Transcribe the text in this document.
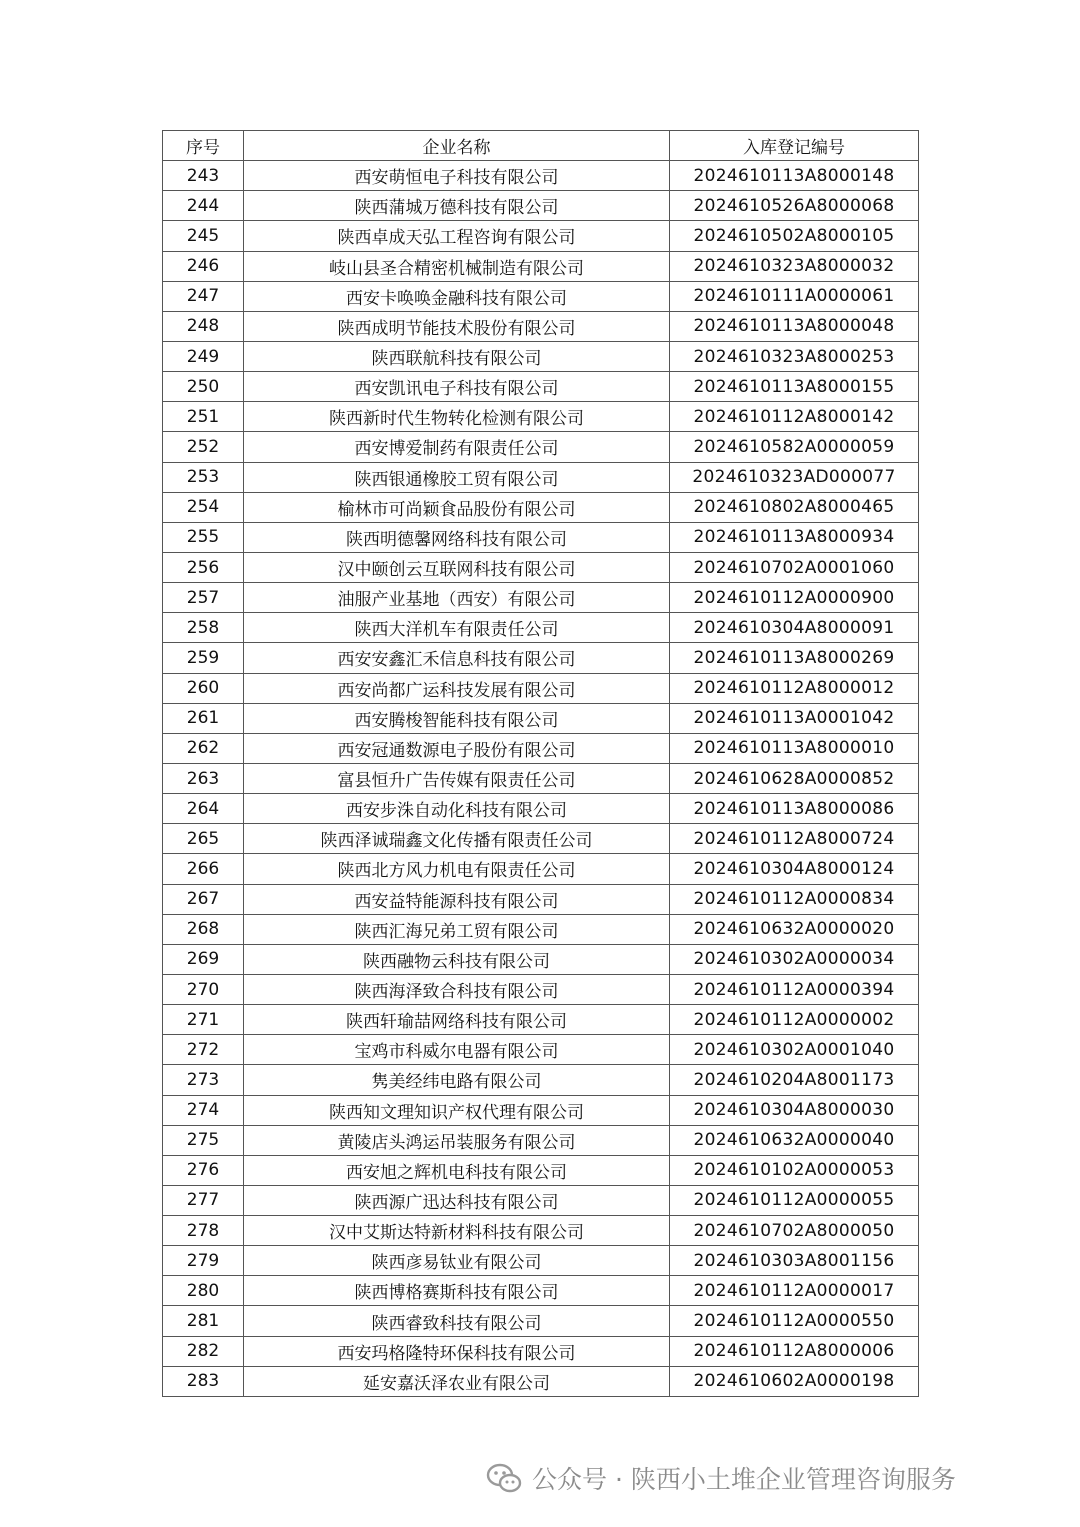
序号	企业名称	入库登记编号
243	西安萌恒电子科技有限公司	2024610113A8000148
244	陕西蒲城万德科技有限公司	2024610526A8000068
245	陕西卓成天弘工程咨询有限公司	2024610502A8000105
246	岐山县圣合精密机械制造有限公司	2024610323A8000032
247	西安卡唤唤金融科技有限公司	2024610111A0000061
248	陕西成明节能技术股份有限公司	2024610113A8000048
249	陕西联航科技有限公司	2024610323A8000253
250	西安凯讯电子科技有限公司	2024610113A8000155
251	陕西新时代生物转化检测有限公司	2024610112A8000142
252	西安博爱制药有限责任公司	2024610582A0000059
253	陕西银通橡胶工贸有限公司	2024610323AD000077
254	榆林市可尚颖食品股份有限公司	2024610802A8000465
255	陕西明德馨网络科技有限公司	2024610113A8000934
256	汉中颐创云互联网科技有限公司	2024610702A0001060
257	油服产业基地（西安）有限公司	2024610112A0000900
258	陕西大洋机车有限责任公司	2024610304A8000091
259	西安安鑫汇禾信息科技有限公司	2024610113A8000269
260	西安尚都广运科技发展有限公司	2024610112A8000012
261	西安腾梭智能科技有限公司	2024610113A0001042
262	西安冠通数源电子股份有限公司	2024610113A8000010
263	富县恒升广告传媒有限责任公司	2024610628A0000852
264	西安步洙自动化科技有限公司	2024610113A8000086
265	陕西泽诚瑞鑫文化传播有限责任公司	2024610112A8000724
266	陕西北方风力机电有限责任公司	2024610304A8000124
267	西安益特能源科技有限公司	2024610112A0000834
268	陕西汇海兄弟工贸有限公司	2024610632A0000020
269	陕西融物云科技有限公司	2024610302A0000034
270	陕西海泽致合科技有限公司	2024610112A0000394
271	陕西轩瑜喆网络科技有限公司	2024610112A0000002
272	宝鸡市科威尔电器有限公司	2024610302A0001040
273	隽美经纬电路有限公司	2024610204A8001173
274	陕西知文理知识产权代理有限公司	2024610304A8000030
275	黄陵店头鸿运吊装服务有限公司	2024610632A0000040
276	西安旭之辉机电科技有限公司	2024610102A0000053
277	陕西源广迅达科技有限公司	2024610112A0000055
278	汉中艾斯达特新材料科技有限公司	2024610702A8000050
279	陕西彦易钛业有限公司	2024610303A8001156
280	陕西博格赛斯科技有限公司	2024610112A0000017
281	陕西睿致科技有限公司	2024610112A0000550
282	西安玛格隆特环保科技有限公司	2024610112A8000006
283	延安嘉沃泽农业有限公司	2024610602A0000198
公众号 · 陕西小土堆企业管理咨询服务
